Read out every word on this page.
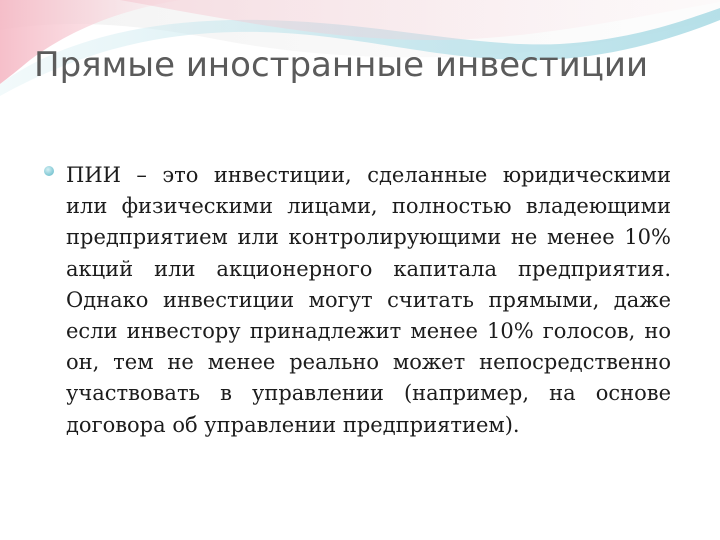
Прямые иностранные инвестиции

ПИИ – это инвестиции, сделанные юридическими или физическими лицами, полностью владеющими предприятием или контролирующими не менее 10% акций или акционерного капитала предприятия. Однако инвестиции могут считать прямыми, даже если инвестору принадлежит менее 10% голосов, но он, тем не менее реально может непосредственно участвовать в управлении (например, на основе договора об управлении предприятием).
